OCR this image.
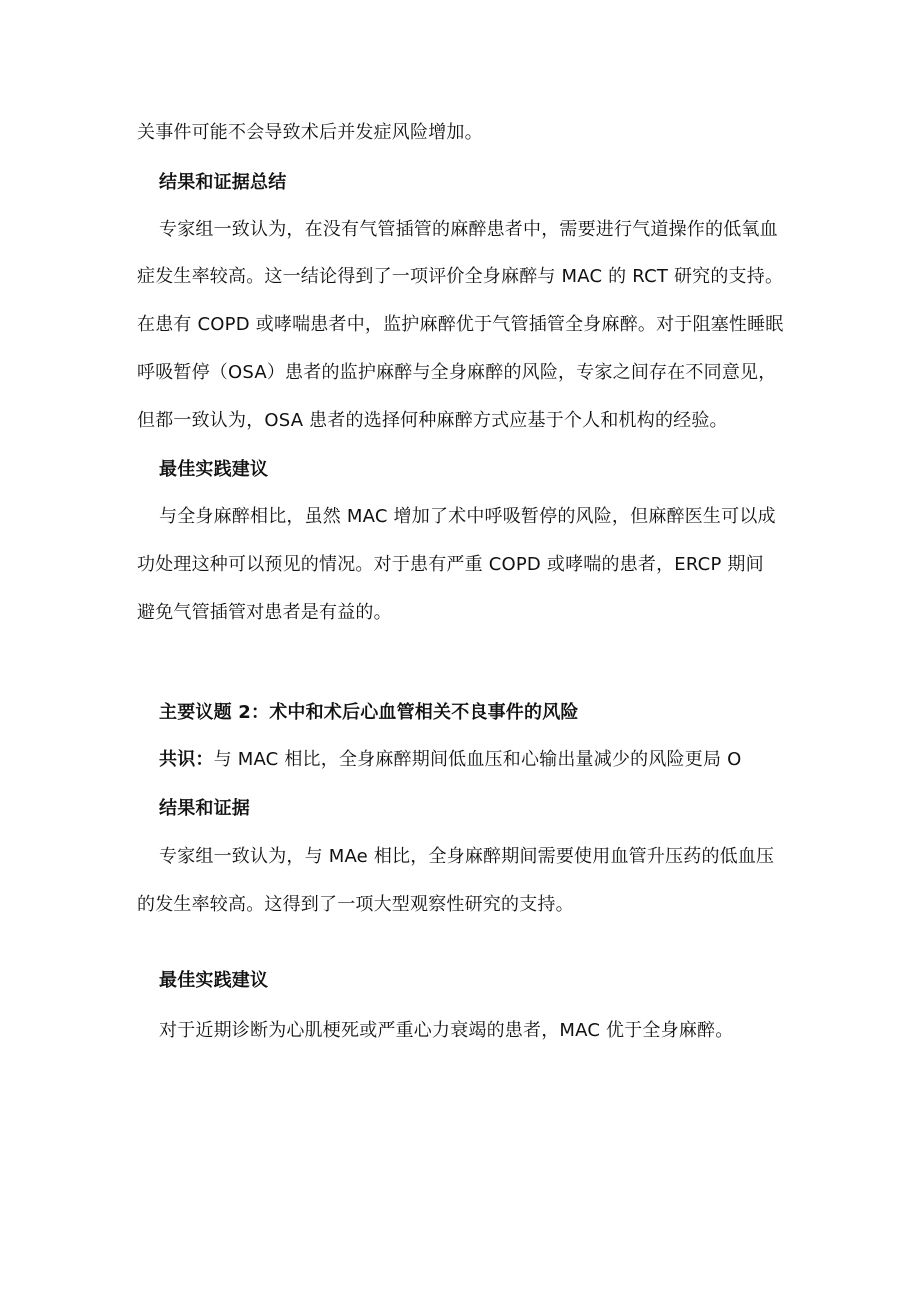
关事件可能不会导致术后并发症风险增加。
结果和证据总结
专家组一致认为，在没有气管插管的麻醉患者中，需要进行气道操作的低氧血
症发生率较高。这一结论得到了一项评价全身麻醉与 MAC 的 RCT 研究的支持。
在患有 COPD 或哮喘患者中，监护麻醉优于气管插管全身麻醉。对于阻塞性睡眠
呼吸暂停（OSA）患者的监护麻醉与全身麻醉的风险，专家之间存在不同意见，
但都一致认为，OSA 患者的选择何种麻醉方式应基于个人和机构的经验。
最佳实践建议
与全身麻醉相比，虽然 MAC 增加了术中呼吸暂停的风险，但麻醉医生可以成
功处理这种可以预见的情况。对于患有严重 COPD 或哮喘的患者，ERCP 期间
避免气管插管对患者是有益的。
主要议题 2：术中和术后心血管相关不良事件的风险
共识：与 MAC 相比，全身麻醉期间低血压和心输出量减少的风险更局 O
结果和证据
专家组一致认为，与 MAe 相比，全身麻醉期间需要使用血管升压药的低血压
的发生率较高。这得到了一项大型观察性研究的支持。
最佳实践建议
对于近期诊断为心肌梗死或严重心力衰竭的患者，MAC 优于全身麻醉。
